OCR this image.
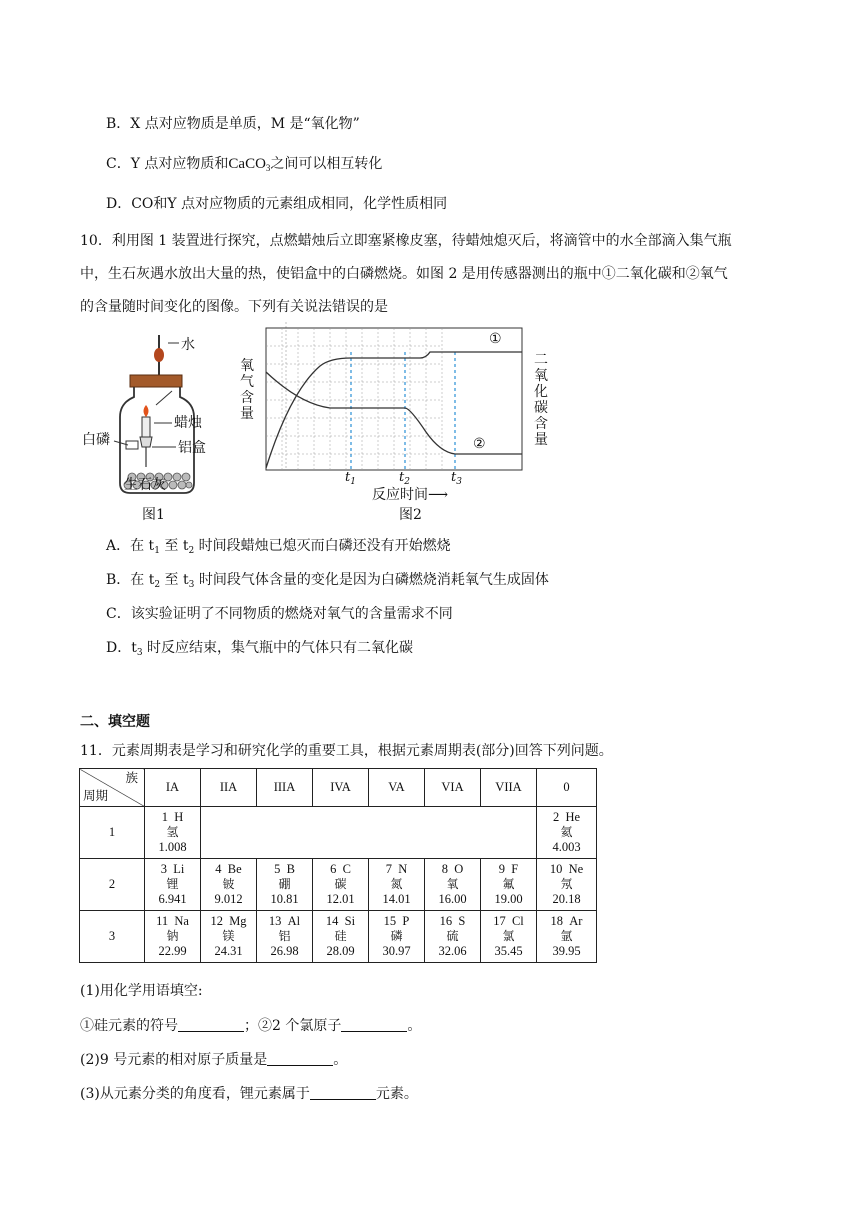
B．X 点对应物质是单质，M 是“氧化物”
C．Y 点对应物质和CaCO$_3$之间可以相互转化
D．CO和Y 点对应物质的元素组成相同，化学性质相同
10．利用图 1 装置进行探究，点燃蜡烛后立即塞紧橡皮塞，待蜡烛熄灭后，将滴管中的水全部滴入集气瓶
中，生石灰遇水放出大量的热，使铝盒中的白磷燃烧。如图 2 是用传感器测出的瓶中①二氧化碳和②氧气
的含量随时间变化的图像。下列有关说法错误的是
水
蜡烛
白磷	铝盒
生石灰
图1
氧气含量
二氧化碳含量
①
②
$t_1$	$t_2$	$t_3$
反应时间⟶
图2
A．在 $t_1$ 至 $t_2$ 时间段蜡烛已熄灭而白磷还没有开始燃烧
B．在 $t_2$ 至 $t_3$ 时间段气体含量的变化是因为白磷燃烧消耗氧气生成固体
C．该实验证明了不同物质的燃烧对氧气的含量需求不同
D．$t_3$ 时反应结束，集气瓶中的气体只有二氧化碳
二、填空题
11．元素周期表是学习和研究化学的重要工具，根据元素周期表(部分)回答下列问题。
族
周期	IA	IIA	IIIA	IVA	VA	VIA	VIIA	0
1	1  H
氢
1.008							2  He
氦
4.003

2	3  Li
锂
6.941	4  Be
铍
9.012	5  B
硼
10.81	6  C
碳
12.01	7  N
氮
14.01	8  O
氧
16.00	9  F
氟
19.00	10  Ne
氖
20.18

3	11  Na
钠
22.99	12  Mg
镁
24.31	13  Al
铝
26.98	14  Si
硅
28.09	15  P
磷
30.97	16  S
硫
32.06	17  Cl
氯
35.45	18  Ar
氩
39.95
(1)用化学用语填空:
①硅元素的符号	；②2 个氯原子	。
(2)9 号元素的相对原子质量是	。
(3)从元素分类的角度看，锂元素属于	元素。
